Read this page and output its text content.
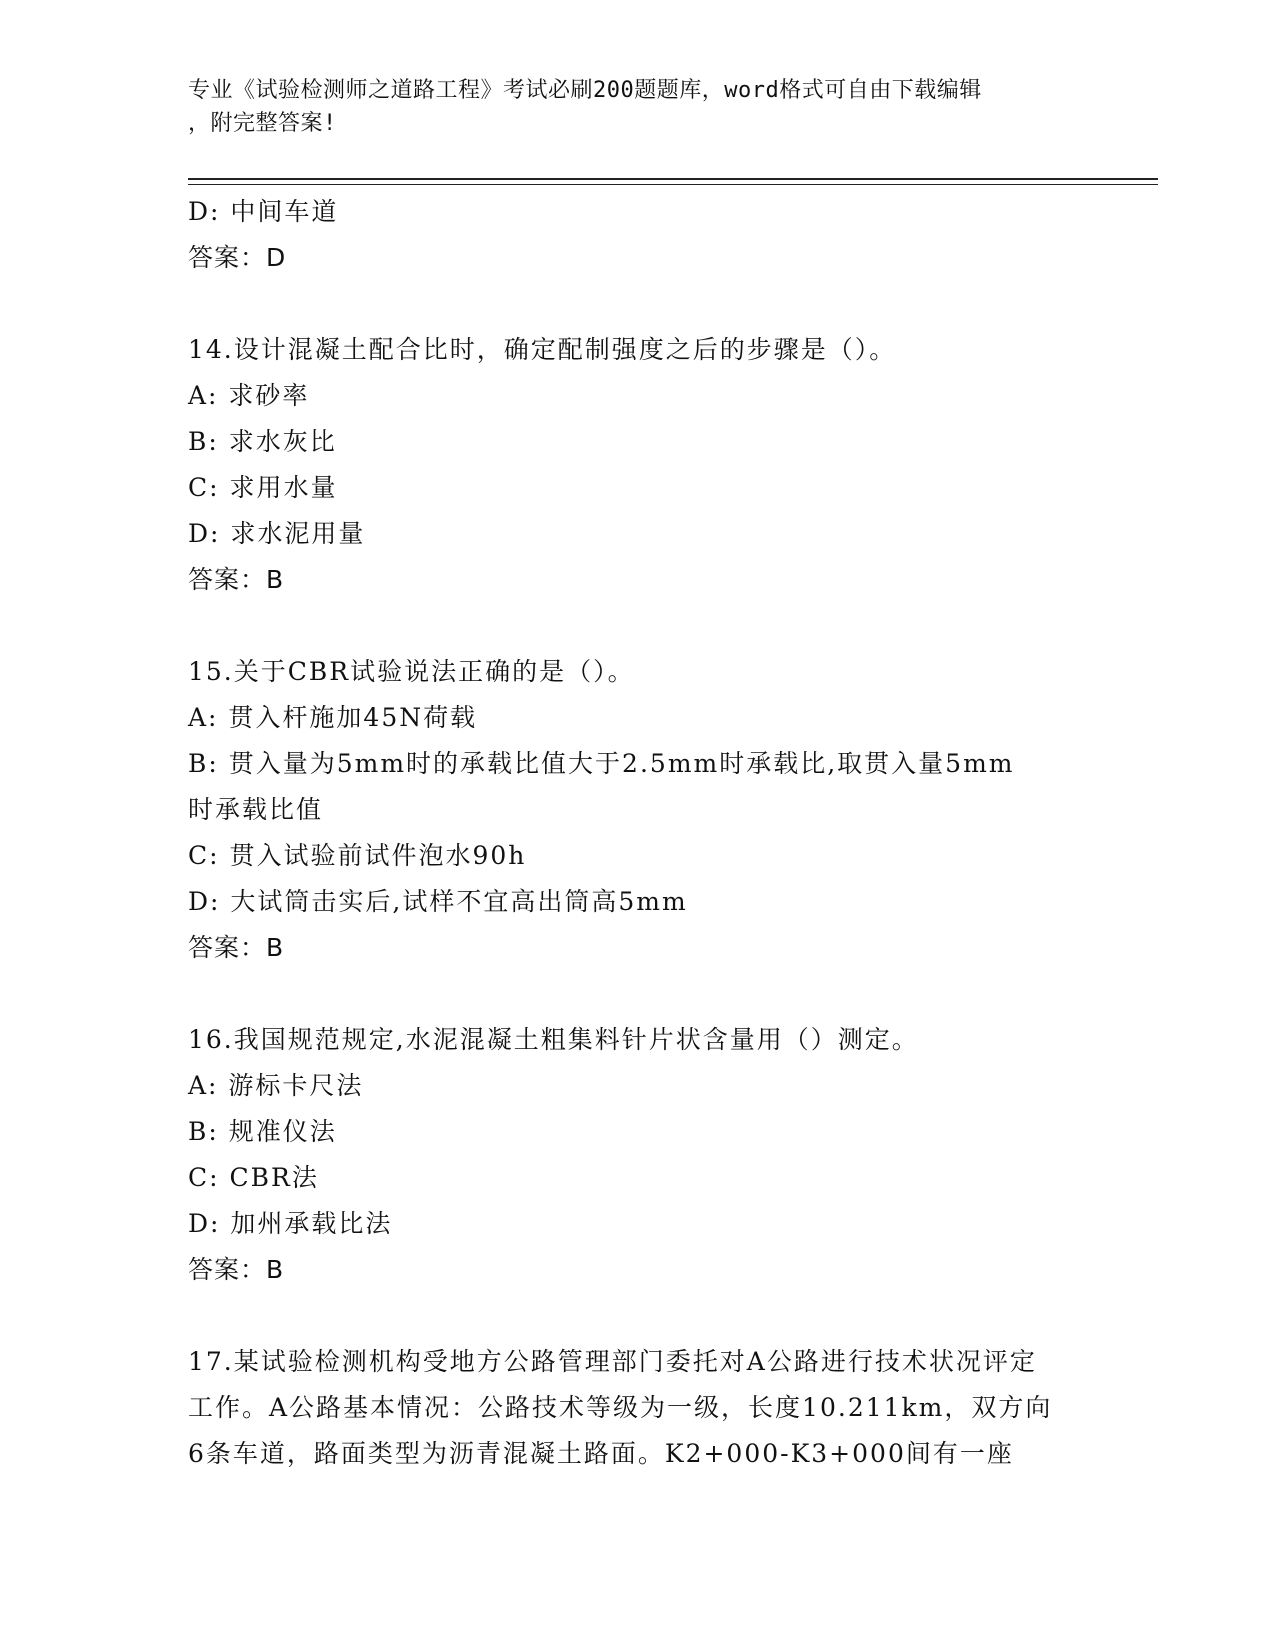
专业《试验检测师之道路工程》考试必刷200题题库，word格式可自由下载编辑
，附完整答案!
D: 中间车道
答案：D
14.设计混凝土配合比时，确定配制强度之后的步骤是（）。
A: 求砂率
B: 求水灰比
C: 求用水量
D: 求水泥用量
答案：B
15.关于CBR试验说法正确的是（）。
A: 贯入杆施加45N荷载
B: 贯入量为5mm时的承载比值大于2.5mm时承载比,取贯入量5mm时承载比值
C: 贯入试验前试件泡水90h
D: 大试筒击实后,试样不宜高出筒高5mm
答案：B
16.我国规范规定,水泥混凝土粗集料针片状含量用（）测定。
A: 游标卡尺法
B: 规准仪法
C: CBR法
D: 加州承载比法
答案：B
17.某试验检测机构受地方公路管理部门委托对A公路进行技术状况评定工作。A公路基本情况：公路技术等级为一级，长度10.211km，双方向6条车道，路面类型为沥青混凝土路面。K2+000-K3+000间有一座
